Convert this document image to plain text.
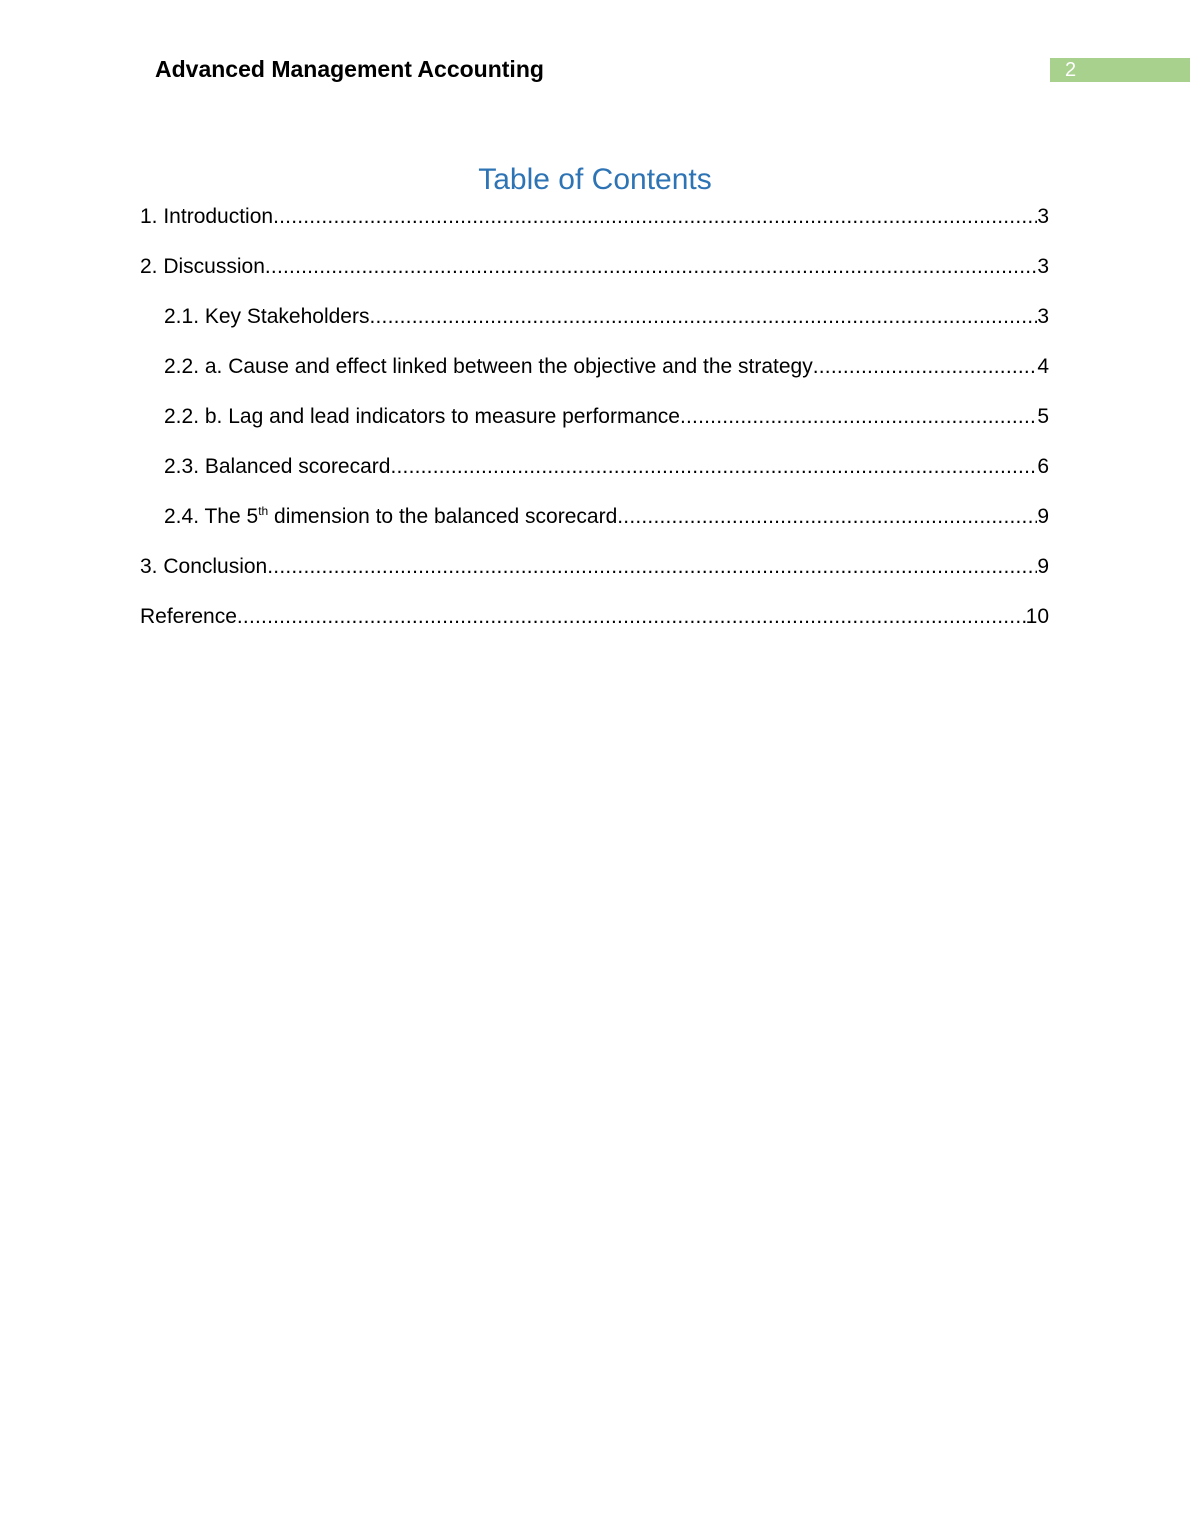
Advanced Management Accounting	2
Table of Contents
1. Introduction .....	3
2. Discussion .....	3
2.1. Key Stakeholders .....	3
2.2. a. Cause and effect linked between the objective and the strategy .....	4
2.2. b. Lag and lead indicators to measure performance .....	5
2.3. Balanced scorecard .....	6
2.4. The 5th dimension to the balanced scorecard .....	9
3. Conclusion .....	9
Reference .....	10
